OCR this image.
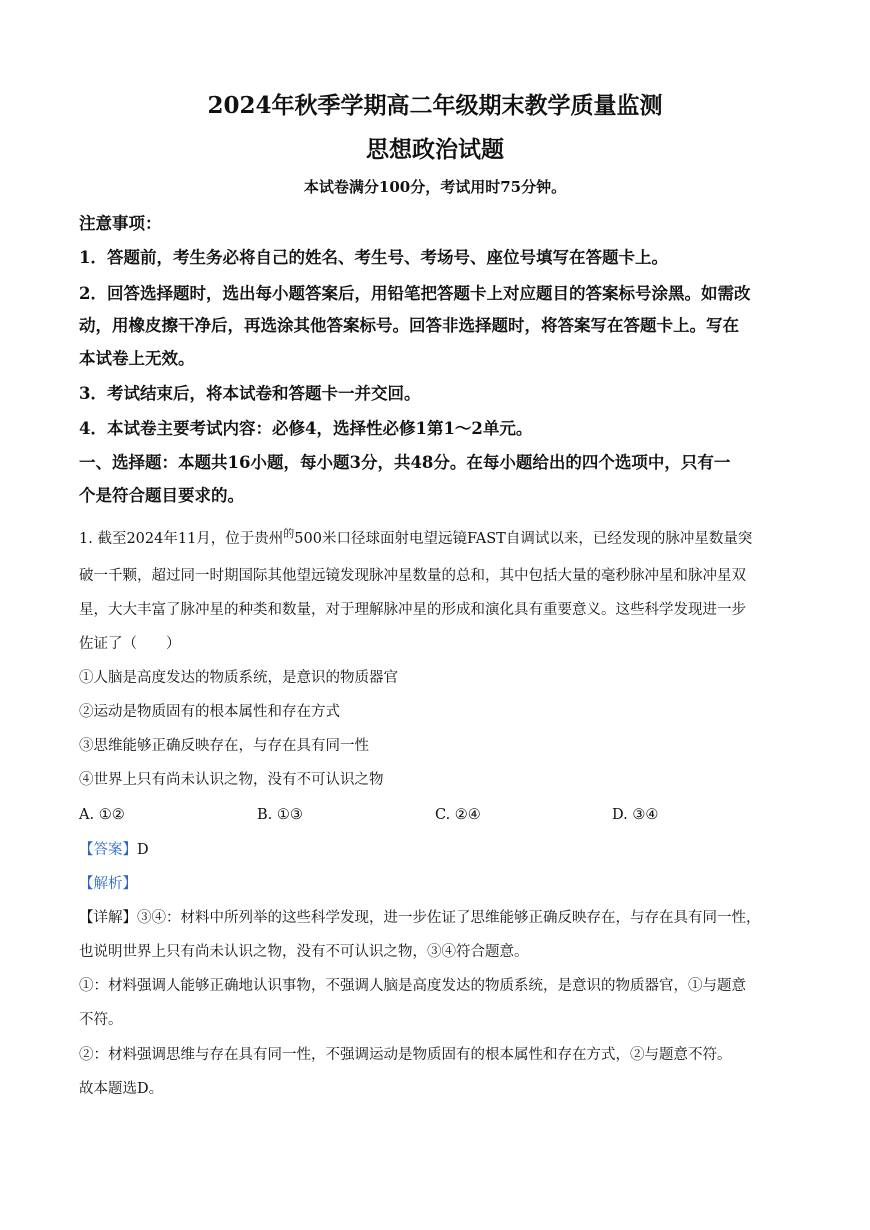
2024年秋季学期高二年级期末教学质量监测
思想政治试题
本试卷满分100分，考试用时75分钟。
注意事项：
1．答题前，考生务必将自己的姓名、考生号、考场号、座位号填写在答题卡上。
2．回答选择题时，选出每小题答案后，用铅笔把答题卡上对应题目的答案标号涂黑。如需改
动，用橡皮擦干净后，再选涂其他答案标号。回答非选择题时，将答案写在答题卡上。写在
本试卷上无效。
3．考试结束后，将本试卷和答题卡一并交回。
4．本试卷主要考试内容：必修4，选择性必修1第1～2单元。
一、选择题：本题共16小题，每小题3分，共48分。在每小题给出的四个选项中，只有一
个是符合题目要求的。
1. 截至2024年11月，位于贵州$^的$500米口径球面射电望远镜FAST自调试以来，已经发现的脉冲星数量突
破一千颗，超过同一时期国际其他望远镜发现脉冲星数量的总和，其中包括大量的毫秒脉冲星和脉冲星双
星，大大丰富了脉冲星的种类和数量，对于理解脉冲星的形成和演化具有重要意义。这些科学发现进一步
佐证了（　　）
①人脑是高度发达的物质系统，是意识的物质器官
②运动是物质固有的根本属性和存在方式
③思维能够正确反映存在，与存在具有同一性
④世界上只有尚未认识之物，没有不可认识之物
A. ①②	B. ①③	C. ②④	D. ③④
【答案】D
【解析】
【详解】③④：材料中所列举的这些科学发现，进一步佐证了思维能够正确反映存在，与存在具有同一性，
也说明世界上只有尚未认识之物，没有不可认识之物，③④符合题意。
①：材料强调人能够正确地认识事物，不强调人脑是高度发达的物质系统，是意识的物质器官，①与题意
不符。
②：材料强调思维与存在具有同一性，不强调运动是物质固有的根本属性和存在方式，②与题意不符。
故本题选D。
